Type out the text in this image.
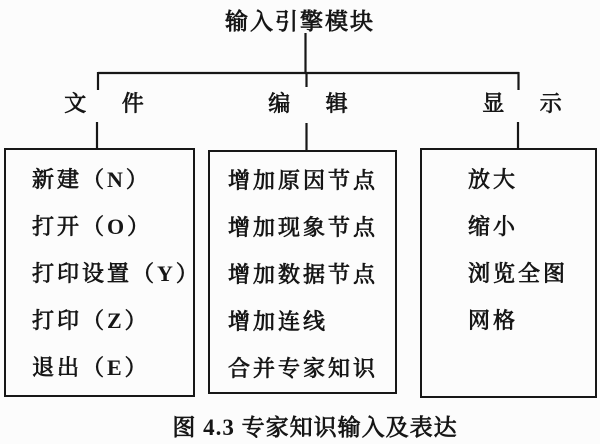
输入引擎模块
文 件	编 辑	显 示
新建（N）
打开（O）
打印设置（Y）
打印（Z）
退出（E）
增加原因节点
增加现象节点
增加数据节点
增加连线
合并专家知识
放大
缩小
浏览全图
网格
图 4.3 专家知识输入及表达
